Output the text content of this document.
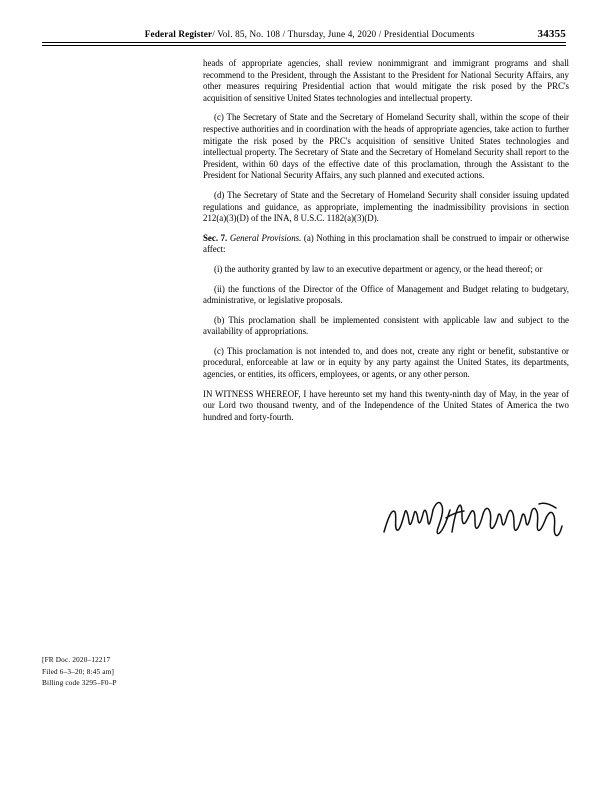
Federal Register/ Vol. 85, No. 108 / Thursday, June 4, 2020 / Presidential Documents	34355

heads of appropriate agencies, shall review nonimmigrant and immigrant programs and shall recommend to the President, through the Assistant to the President for National Security Affairs, any other measures requiring Presidential action that would mitigate the risk posed by the PRC's acquisition of sensitive United States technologies and intellectual property.

(c) The Secretary of State and the Secretary of Homeland Security shall, within the scope of their respective authorities and in coordination with the heads of appropriate agencies, take action to further mitigate the risk posed by the PRC's acquisition of sensitive United States technologies and intellectual property. The Secretary of State and the Secretary of Homeland Security shall report to the President, within 60 days of the effective date of this proclamation, through the Assistant to the President for National Security Affairs, any such planned and executed actions.

(d) The Secretary of State and the Secretary of Homeland Security shall consider issuing updated regulations and guidance, as appropriate, implementing the inadmissibility provisions in section 212(a)(3)(D) of the INA, 8 U.S.C. 1182(a)(3)(D).

Sec. 7. General Provisions. (a) Nothing in this proclamation shall be construed to impair or otherwise affect:

(i) the authority granted by law to an executive department or agency, or the head thereof; or

(ii) the functions of the Director of the Office of Management and Budget relating to budgetary, administrative, or legislative proposals.

(b) This proclamation shall be implemented consistent with applicable law and subject to the availability of appropriations.

(c) This proclamation is not intended to, and does not, create any right or benefit, substantive or procedural, enforceable at law or in equity by any party against the United States, its departments, agencies, or entities, its officers, employees, or agents, or any other person.

IN WITNESS WHEREOF, I have hereunto set my hand this twenty-ninth day of May, in the year of our Lord two thousand twenty, and of the Independence of the United States of America the two hundred and forty-fourth.

[FR Doc. 2020–12217
Filed 6–3–20; 8:45 am]
Billing code 3295–F0–P
